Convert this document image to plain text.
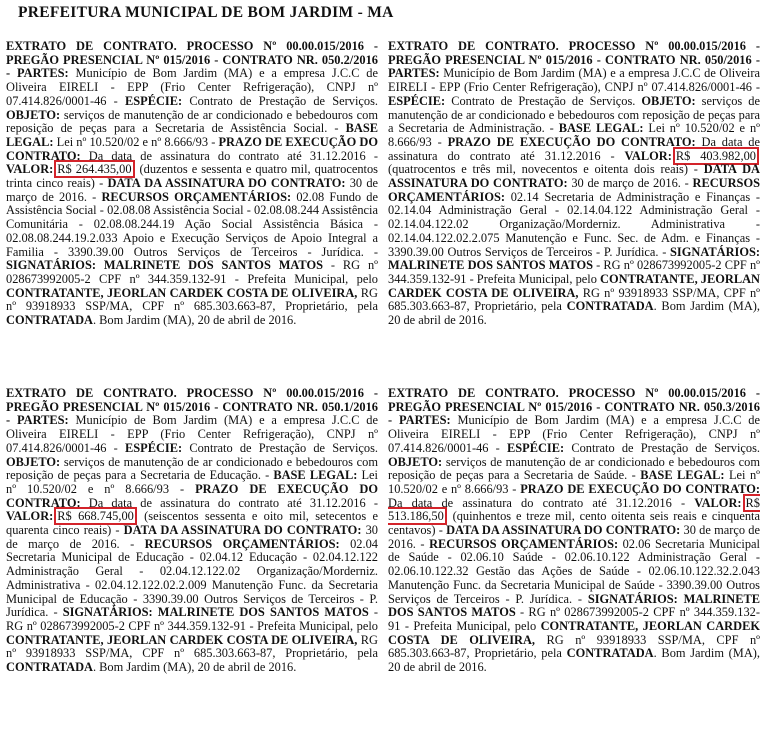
PREFEITURA MUNICIPAL DE BOM JARDIM - MA
EXTRATO DE CONTRATO. PROCESSO Nº 00.00.015/2016 - PREGÃO PRESENCIAL Nº 015/2016 - CONTRATO NR. 050.2/2016 - PARTES: Município de Bom Jardim (MA) e a empresa J.C.C de Oliveira EIRELI - EPP (Frio Center Refrigeração), CNPJ nº 07.414.826/0001-46 - ESPÉCIE: Contrato de Prestação de Serviços. OBJETO: serviços de manutenção de ar condicionado e bebedouros com reposição de peças para a Secretaria de Assistência Social. - BASE LEGAL: Lei nº 10.520/02 e nº 8.666/93 - PRAZO DE EXECUÇÃO DO CONTRATO: Da data de assinatura do contrato até 31.12.2016 - VALOR: R$ 264.435,00 (duzentos e sessenta e quatro mil, quatrocentos trinta cinco reais) - DATA DA ASSINATURA DO CONTRATO: 30 de março de 2016. - RECURSOS ORÇAMENTÁRIOS: 02.08 Fundo de Assistência Social - 02.08.08 Assistência Social - 02.08.08.244 Assistência Comunitária - 02.08.08.244.19 Ação Social Assistência Básica - 02.08.08.244.19.2.033 Apoio e Execução Serviços de Apoio Integral a Familia - 3390.39.00 Outros Serviços de Terceiros - Jurídica. - SIGNATÁRIOS: MALRINETE DOS SANTOS MATOS - RG nº 028673992005-2 CPF nº 344.359.132-91 - Prefeita Municipal, pelo CONTRATANTE, JEORLAN CARDEK COSTA DE OLIVEIRA, RG nº 93918933 SSP/MA, CPF nº 685.303.663-87, Proprietário, pela CONTRATADA. Bom Jardim (MA), 20 de abril de 2016.
EXTRATO DE CONTRATO. PROCESSO Nº 00.00.015/2016 - PREGÃO PRESENCIAL Nº 015/2016 - CONTRATO NR. 050/2016 - PARTES: Município de Bom Jardim (MA) e a empresa J.C.C de Oliveira EIRELI - EPP (Frio Center Refrigeração), CNPJ nº 07.414.826/0001-46 - ESPÉCIE: Contrato de Prestação de Serviços. OBJETO: serviços de manutenção de ar condicionado e bebedouros com reposição de peças para a Secretaria de Administração. - BASE LEGAL: Lei nº 10.520/02 e nº 8.666/93 - PRAZO DE EXECUÇÃO DO CONTRATO: Da data de assinatura do contrato até 31.12.2016 - VALOR: R$ 403.982,00 (quatrocentos e três mil, novecentos e oitenta dois reais) - DATA DA ASSINATURA DO CONTRATO: 30 de março de 2016. - RECURSOS ORÇAMENTÁRIOS: 02.14 Secretaria de Administração e Finanças - 02.14.04 Administração Geral - 02.14.04.122 Administração Geral - 02.14.04.122.02 Organização/Morderniz. Administrativa - 02.14.04.122.02.2.075 Manutenção e Func. Sec. de Adm. e Finanças - 3390.39.00 Outros Serviços de Terceiros - P. Jurídica. - SIGNATÁRIOS: MALRINETE DOS SANTOS MATOS - RG nº 028673992005-2 CPF nº 344.359.132-91 - Prefeita Municipal, pelo CONTRATANTE, JEORLAN CARDEK COSTA DE OLIVEIRA, RG nº 93918933 SSP/MA, CPF nº 685.303.663-87, Proprietário, pela CONTRATADA. Bom Jardim (MA), 20 de abril de 2016.
EXTRATO DE CONTRATO. PROCESSO Nº 00.00.015/2016 - PREGÃO PRESENCIAL Nº 015/2016 - CONTRATO NR. 050.1/2016 - PARTES: Município de Bom Jardim (MA) e a empresa J.C.C de Oliveira EIRELI - EPP (Frio Center Refrigeração), CNPJ nº 07.414.826/0001-46 - ESPÉCIE: Contrato de Prestação de Serviços. OBJETO: serviços de manutenção de ar condicionado e bebedouros com reposição de peças para a Secretaria de Educação. - BASE LEGAL: Lei nº 10.520/02 e nº 8.666/93 - PRAZO DE EXECUÇÃO DO CONTRATO: Da data de assinatura do contrato até 31.12.2016 - VALOR: R$ 668.745,00 (seiscentos sessenta e oito mil, setecentos e quarenta cinco reais) - DATA DA ASSINATURA DO CONTRATO: 30 de março de 2016. - RECURSOS ORÇAMENTÁRIOS: 02.04 Secretaria Municipal de Educação - 02.04.12 Educação - 02.04.12.122 Administração Geral - 02.04.12.122.02 Organização/Morderniz. Administrativa - 02.04.12.122.02.2.009 Manutenção Func. da Secretaria Municipal de Educação - 3390.39.00 Outros Serviços de Terceiros - P. Jurídica. - SIGNATÁRIOS: MALRINETE DOS SANTOS MATOS - RG nº 028673992005-2 CPF nº 344.359.132-91 - Prefeita Municipal, pelo CONTRATANTE, JEORLAN CARDEK COSTA DE OLIVEIRA, RG nº 93918933 SSP/MA, CPF nº 685.303.663-87, Proprietário, pela CONTRATADA. Bom Jardim (MA), 20 de abril de 2016.
EXTRATO DE CONTRATO. PROCESSO Nº 00.00.015/2016 - PREGÃO PRESENCIAL Nº 015/2016 - CONTRATO NR. 050.3/2016 - PARTES: Município de Bom Jardim (MA) e a empresa J.C.C de Oliveira EIRELI - EPP (Frio Center Refrigeração), CNPJ nº 07.414.826/0001-46 - ESPÉCIE: Contrato de Prestação de Serviços. OBJETO: serviços de manutenção de ar condicionado e bebedouros com reposição de peças para a Secretaria de Saúde. - BASE LEGAL: Lei nº 10.520/02 e nº 8.666/93 - PRAZO DE EXECUÇÃO DO CONTRATO: Da data de assinatura do contrato até 31.12.2016 - VALOR: R$ 513.186,50 (quinhentos e treze mil, cento oitenta seis reais e cinquenta centavos) - DATA DA ASSINATURA DO CONTRATO: 30 de março de 2016. - RECURSOS ORÇAMENTÁRIOS: 02.06 Secretaria Municipal de Saúde - 02.06.10 Saúde - 02.06.10.122 Administração Geral - 02.06.10.122.32 Gestão das Ações de Saúde - 02.06.10.122.32.2.043 Manutenção Func. da Secretaria Municipal de Saúde - 3390.39.00 Outros Serviços de Terceiros - P. Jurídica. - SIGNATÁRIOS: MALRINETE DOS SANTOS MATOS - RG nº 028673992005-2 CPF nº 344.359.132-91 - Prefeita Municipal, pelo CONTRATANTE, JEORLAN CARDEK COSTA DE OLIVEIRA, RG nº 93918933 SSP/MA, CPF nº 685.303.663-87, Proprietário, pela CONTRATADA. Bom Jardim (MA), 20 de abril de 2016.
